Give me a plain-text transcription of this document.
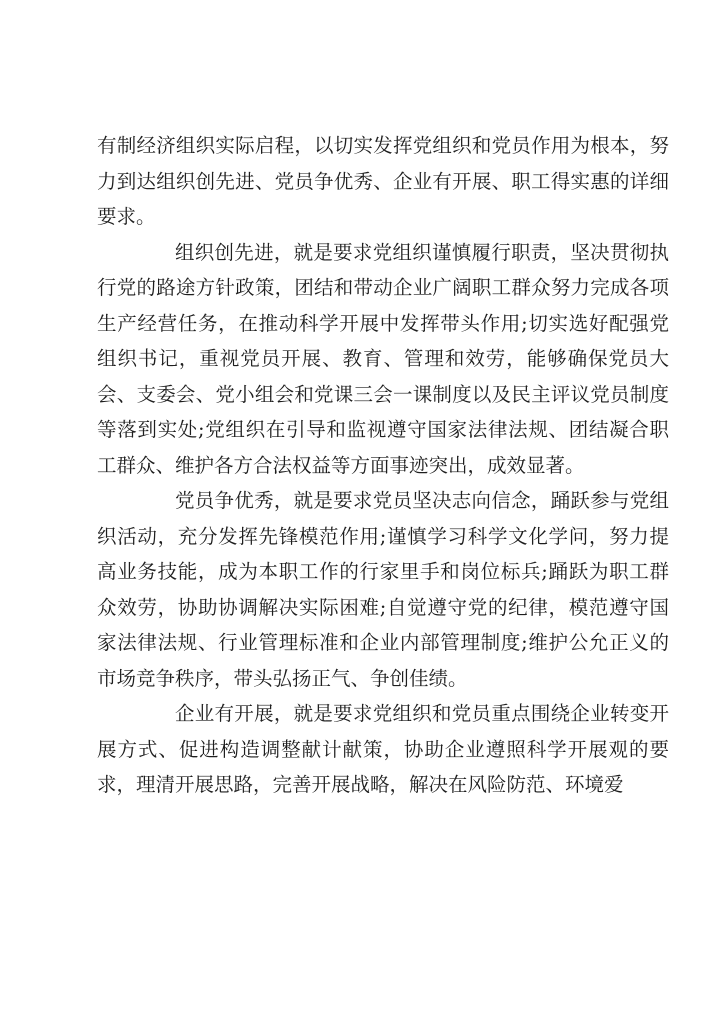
有制经济组织实际启程，以切实发挥党组织和党员作用为根本，努力到达组织创先进、党员争优秀、企业有开展、职工得实惠的详细要求。

组织创先进，就是要求党组织谨慎履行职责，坚决贯彻执行党的路途方针政策，团结和带动企业广阔职工群众努力完成各项生产经营任务，在推动科学开展中发挥带头作用;切实选好配强党组织书记，重视党员开展、教育、管理和效劳，能够确保党员大会、支委会、党小组会和党课三会一课制度以及民主评议党员制度等落到实处;党组织在引导和监视遵守国家法律法规、团结凝合职工群众、维护各方合法权益等方面事迹突出，成效显著。

党员争优秀，就是要求党员坚决志向信念，踊跃参与党组织活动，充分发挥先锋模范作用;谨慎学习科学文化学问，努力提高业务技能，成为本职工作的行家里手和岗位标兵;踊跃为职工群众效劳，协助协调解决实际困难;自觉遵守党的纪律，模范遵守国家法律法规、行业管理标准和企业内部管理制度;维护公允正义的市场竞争秩序，带头弘扬正气、争创佳绩。

企业有开展，就是要求党组织和党员重点围绕企业转变开展方式、促进构造调整献计献策，协助企业遵照科学开展观的要求，理清开展思路，完善开展战略，解决在风险防范、环境爱
